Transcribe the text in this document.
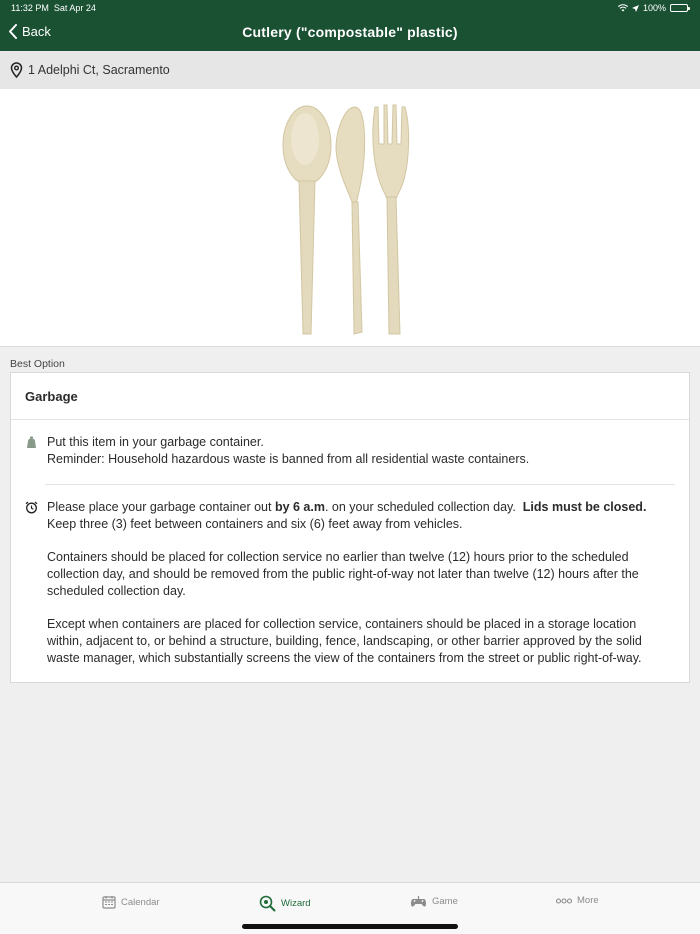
11:32 PM Sat Apr 24	100%
Back	Cutlery ("compostable" plastic)
1 Adelphi Ct, Sacramento
Best Option
Garbage
Put this item in your garbage container.
Reminder: Household hazardous waste is banned from all residential waste containers.
Please place your garbage container out by 6 a.m. on your scheduled collection day.  Lids must be closed.
Keep three (3) feet between containers and six (6) feet away from vehicles.
Containers should be placed for collection service no earlier than twelve (12) hours prior to the scheduled collection day, and should be removed from the public right-of-way not later than twelve (12) hours after the scheduled collection day.
Except when containers are placed for collection service, containers should be placed in a storage location within, adjacent to, or behind a structure, building, fence, landscaping, or other barrier approved by the solid waste manager, which substantially screens the view of the containers from the street or public right-of-way.
Calendar	Wizard	Game	More
